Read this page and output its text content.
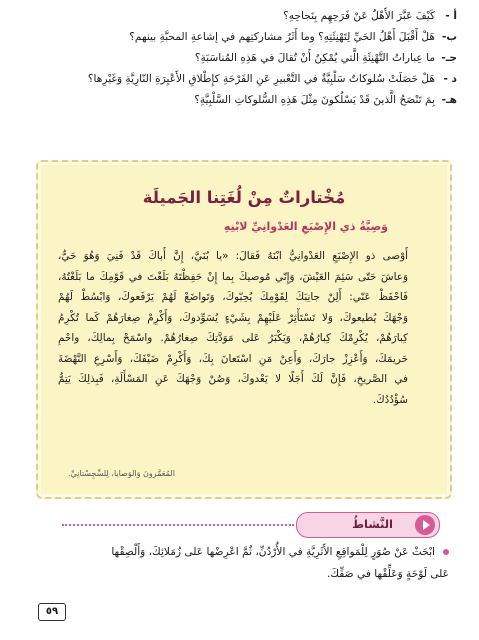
أ -كَيْفَ عَبَّرَ الأَهْلُ عَنْ فَرَحِهِم بِنَجاحِهِ؟
ب-هَلْ أَقْبَلَ أَهْلُ الحَيِّ لِتَهْنِئَتِهِ؟ وما أَثَرُ مشاركتِهم في إشاعةِ المحبَّةِ بينهم؟
جـ-ما عِباراتُ التَّهْنِئَةِ الَّتي يُمْكِنُ أَنْ تُقالَ في هَذِهِ المُناسَبَةِ؟
د -هَلْ حَصَلَتْ سُلوكاتٌ سَلْبِيَّةٌ في التَّعْبيرِ عَنِ الفَرْحَةِ كإِطْلاقِ الأَعْيِرَةِ النّارِيَّةِ وَغَيْرِها؟
هـ-بِمَ تَنْصَحُ الَّذينَ قَدْ يَسْلُكونَ مِثْلَ هَذِهِ السُّلوكاتِ السَّلْبِيَّةِ؟
مُخْتاراتٌ مِنْ لُغَتِنا الجَميلَة
وَصِيَّةُ ذي الإِصْبَعِ العَدْوانِيِّ لابْنِهِ
أَوْصى ذو الإِصْبَعِ العَدْوانِيُّ ابْنَهُ فَقالَ: «يا بُنَيَّ، إِنَّ أَباكَ قَدْ فَنِيَ وَهُوَ حَيٌّ،
وَعاشَ حَتّى سَئِمَ العَيْشَ، وَإِنّي مُوصيكَ بِما إِنْ حَفِظْتَهُ بَلَغْتَ في قَوْمِكَ ما بَلَغْتُهُ،
فَاحْفَظْ عَنّي: أَلِنْ جانِبَكَ لِقَوْمِكَ يُحِبّوكَ، وَتَواضَعْ لَهُمْ يَرْفَعوكَ، وَابْسُطْ لَهُمْ
وَجْهَكَ يُطيعوكَ، وَلا تَسْتَأْثِرْ عَلَيْهِمْ بِشَيْءٍ يُسَوِّدوكَ، وَأَكْرِمْ صِغارَهُمْ كَما تُكْرِمُ
كِبارَهُمْ، يُكْرِمْكَ كِبارُهُمْ، وَيَكْبَرُ عَلى مَوَدَّتِكَ صِغارُهُمْ. واسْمَحْ بِمالِكَ، واحْمِ
حَريمَكَ، وَأَعْزِزْ جارَكَ، وَأَعِنْ مَنِ اسْتَعانَ بِكَ، وَأَكْرِمْ ضَيْفَكَ، وَأَسْرِعِ النَّهْضَةَ
في الصَّريخِ، فَإِنَّ لَكَ أَجَلًا لا يَعْدوكَ، وَصُنْ وَجْهَكَ عَنِ المَسْأَلَةِ، فَبِذلِكَ يَتِمُّ
سُؤْدُدُكَ.
المُعَمَّرونَ وَالوَصايا، لِلسِّجِسْتانِيِّ.
النَّشاطُ
ابْحَثْ عَنْ صُوَرٍ لِلْمَواقِعِ الأَثَرِيَّةِ في الأُرْدُنِّ، ثُمَّ اعْرِضْها عَلى زُمَلائِكَ، وَأَلْصِقْها
عَلى لَوْحَةٍ وَعَلِّقْها في صَفِّكَ.
٥٩
